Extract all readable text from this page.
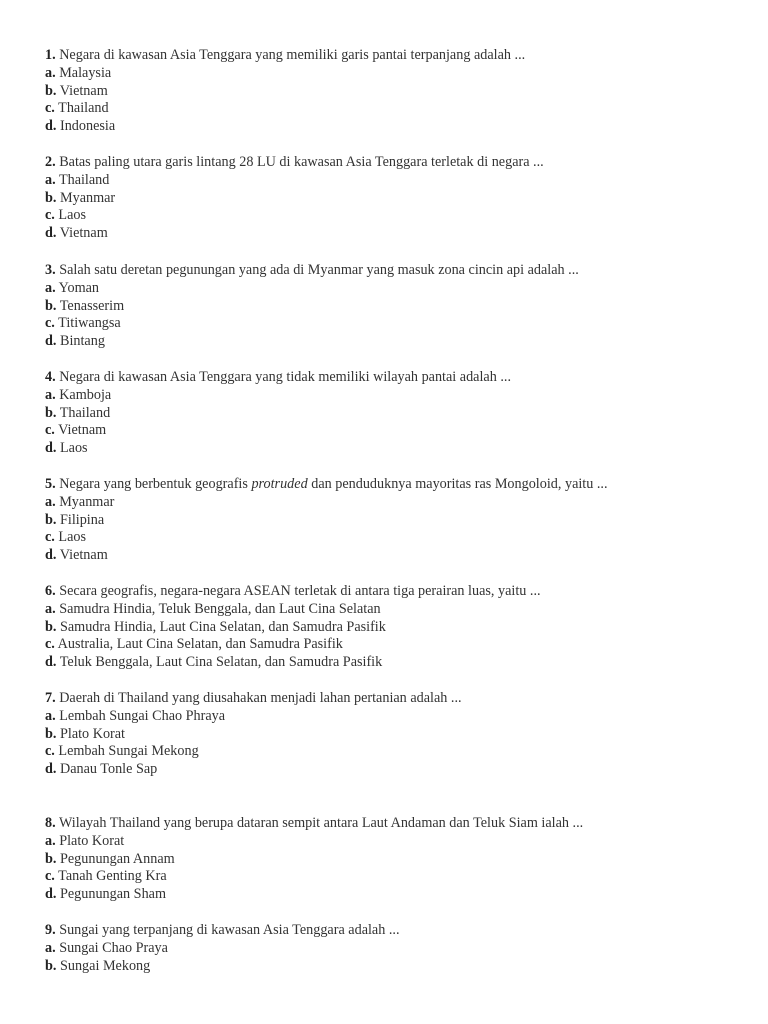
1. Negara di kawasan Asia Tenggara yang memiliki garis pantai terpanjang adalah ...
a. Malaysia
b. Vietnam
c. Thailand
d. Indonesia
2. Batas paling utara garis lintang 28 LU di kawasan Asia Tenggara terletak di negara ...
a. Thailand
b. Myanmar
c. Laos
d. Vietnam
3. Salah satu deretan pegunungan yang ada di Myanmar yang masuk zona cincin api adalah ...
a. Yoman
b. Tenasserim
c. Titiwangsa
d. Bintang
4. Negara di kawasan Asia Tenggara yang tidak memiliki wilayah pantai adalah ...
a. Kamboja
b. Thailand
c. Vietnam
d. Laos
5. Negara yang berbentuk geografis protruded dan penduduknya mayoritas ras Mongoloid, yaitu ...
a. Myanmar
b. Filipina
c. Laos
d. Vietnam
6. Secara geografis, negara-negara ASEAN terletak di antara tiga perairan luas, yaitu ...
a. Samudra Hindia, Teluk Benggala, dan Laut Cina Selatan
b. Samudra Hindia, Laut Cina Selatan, dan Samudra Pasifik
c. Australia, Laut Cina Selatan, dan Samudra Pasifik
d. Teluk Benggala, Laut Cina Selatan, dan Samudra Pasifik
7. Daerah di Thailand yang diusahakan menjadi lahan pertanian adalah ...
a. Lembah Sungai Chao Phraya
b. Plato Korat
c. Lembah Sungai Mekong
d. Danau Tonle Sap
8. Wilayah Thailand yang berupa dataran sempit antara Laut Andaman dan Teluk Siam ialah ...
a. Plato Korat
b. Pegunungan Annam
c. Tanah Genting Kra
d. Pegunungan Sham
9. Sungai yang terpanjang di kawasan Asia Tenggara adalah ...
a. Sungai Chao Praya
b. Sungai Mekong
